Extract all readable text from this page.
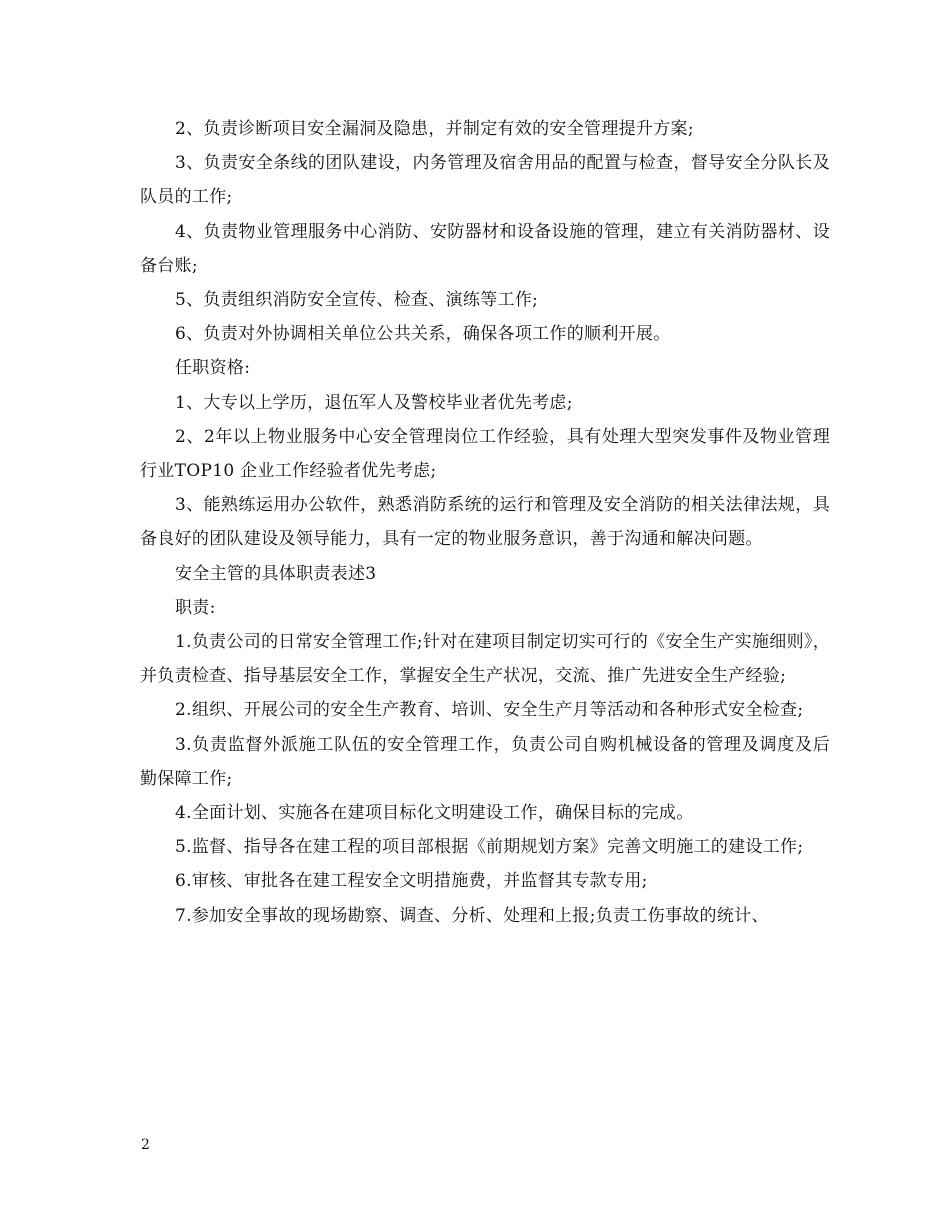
2、负责诊断项目安全漏洞及隐患，并制定有效的安全管理提升方案;

3、负责安全条线的团队建设，内务管理及宿舍用品的配置与检查，督导安全分队长及队员的工作;

4、负责物业管理服务中心消防、安防器材和设备设施的管理，建立有关消防器材、设备台账;

5、负责组织消防安全宣传、检查、演练等工作;

6、负责对外协调相关单位公共关系，确保各项工作的顺利开展。

任职资格:

1、大专以上学历，退伍军人及警校毕业者优先考虑;

2、2年以上物业服务中心安全管理岗位工作经验，具有处理大型突发事件及物业管理行业TOP10 企业工作经验者优先考虑;

3、能熟练运用办公软件，熟悉消防系统的运行和管理及安全消防的相关法律法规，具备良好的团队建设及领导能力，具有一定的物业服务意识，善于沟通和解决问题。

安全主管的具体职责表述3

职责:

1.负责公司的日常安全管理工作;针对在建项目制定切实可行的《安全生产实施细则》，并负责检查、指导基层安全工作，掌握安全生产状况，交流、推广先进安全生产经验;

2.组织、开展公司的安全生产教育、培训、安全生产月等活动和各种形式安全检查;

3.负责监督外派施工队伍的安全管理工作，负责公司自购机械设备的管理及调度及后勤保障工作;

4.全面计划、实施各在建项目标化文明建设工作，确保目标的完成。

5.监督、指导各在建工程的项目部根据《前期规划方案》完善文明施工的建设工作;

6.审核、审批各在建工程安全文明措施费，并监督其专款专用;

7.参加安全事故的现场勘察、调查、分析、处理和上报;负责工伤事故的统计、

2
